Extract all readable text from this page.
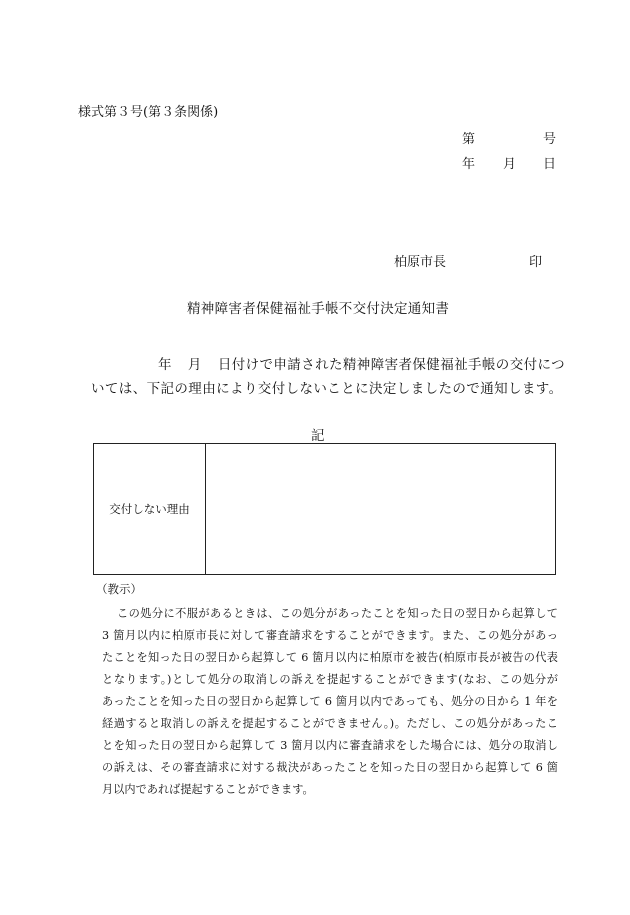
様式第３号(第３条関係)
第	号
年 月 日
柏原市長	印
精神障害者保健福祉手帳不交付決定通知書
年 月 日付けで申請された精神障害者保健福祉手帳の交付につ
いては、下記の理由により交付しないことに決定しましたので通知します。
記
交付しない理由
（教示）
この処分に不服があるときは、この処分があったことを知った日の翌日から起算して
3 箇月以内に柏原市長に対して審査請求をすることができます。また、この処分があっ
たことを知った日の翌日から起算して 6 箇月以内に柏原市を被告(柏原市長が被告の代表
となります。)として処分の取消しの訴えを提起することができます(なお、この処分が
あったことを知った日の翌日から起算して 6 箇月以内であっても、処分の日から 1 年を
経過すると取消しの訴えを提起することができません。)。ただし、この処分があったこ
とを知った日の翌日から起算して 3 箇月以内に審査請求をした場合には、処分の取消し
の訴えは、その審査請求に対する裁決があったことを知った日の翌日から起算して 6 箇
月以内であれば提起することができます。
